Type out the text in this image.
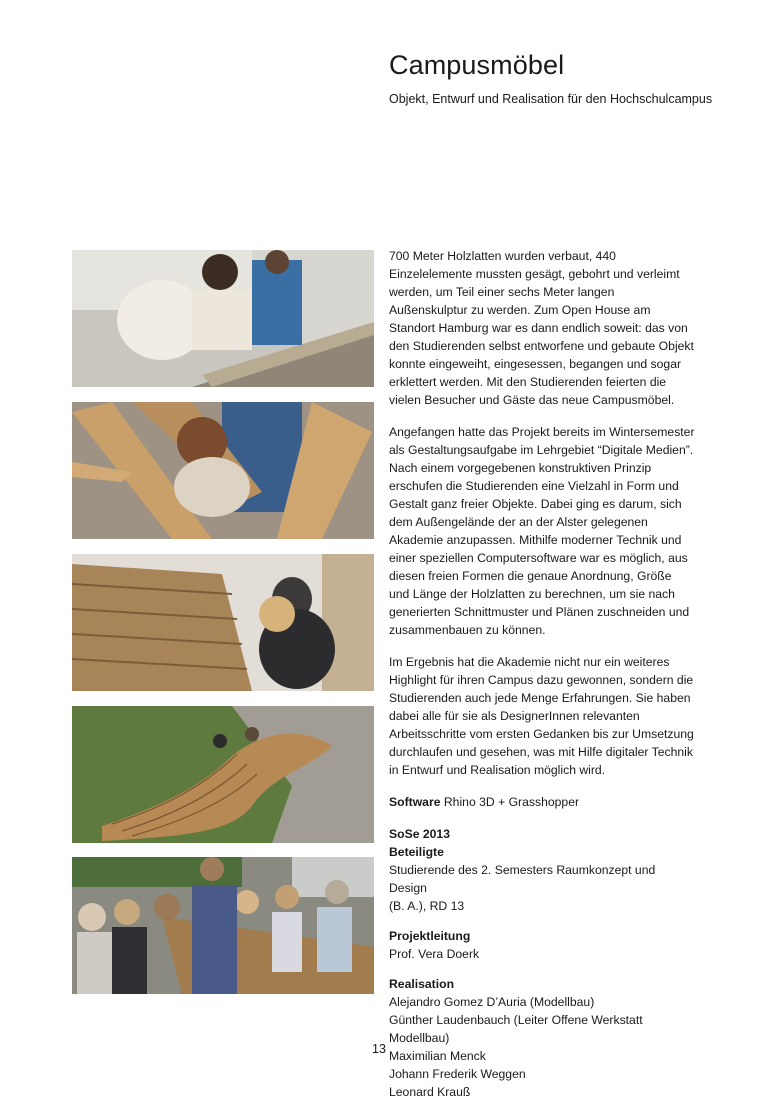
Campusmöbel

Objekt, Entwurf und Realisation für den Hochschulcampus

700 Meter Holzlatten wurden verbaut, 440 Einzelelemente mussten gesägt, gebohrt und verleimt werden, um Teil einer sechs Meter langen Außenskulptur zu werden. Zum Open House am Standort Hamburg war es dann endlich soweit: das von den Studierenden selbst entworfene und gebaute Objekt konnte eingeweiht, eingesessen, begangen und sogar erklettert werden. Mit den Studierenden feierten die vielen Besucher und Gäste das neue Campusmöbel.

Angefangen hatte das Projekt bereits im Wintersemester als Gestaltungsaufgabe im Lehrgebiet “Digitale Medien”. Nach einem vorgegebenen konstruktiven Prinzip erschufen die Studierenden eine Vielzahl in Form und Gestalt ganz freier Objekte. Dabei ging es darum, sich dem Außengelände der an der Alster gelegenen Akademie anzupassen. Mithilfe moderner Technik und einer speziellen Computersoftware war es möglich, aus diesen freien Formen die genaue Anordnung, Größe und Länge der Holzlatten zu berechnen, um sie nach generierten Schnittmuster und Plänen zuschneiden und zusammenbauen zu können.

Im Ergebnis hat die Akademie nicht nur ein weiteres Highlight für ihren Campus dazu gewonnen, sondern die Studierenden auch jede Menge Erfahrungen. Sie haben dabei alle für sie als DesignerInnen relevanten Arbeitsschritte vom ersten Gedanken bis zur Umsetzung durchlaufen und gesehen, was mit Hilfe digitaler Technik in Entwurf und Realisation möglich wird.

Software Rhino 3D + Grasshopper
SoSe 2013
Beteiligte
Studierende des 2. Semesters Raumkonzept und Design
(B. A.), RD 13
Projektleitung
Prof. Vera Doerk
Realisation
Alejandro Gomez D’Auria (Modellbau)
Günther Laudenbauch (Leiter Offene Werkstatt Modellbau)
Maximilian Menck
Johann Frederik Weggen
Leonard Krauß
13
